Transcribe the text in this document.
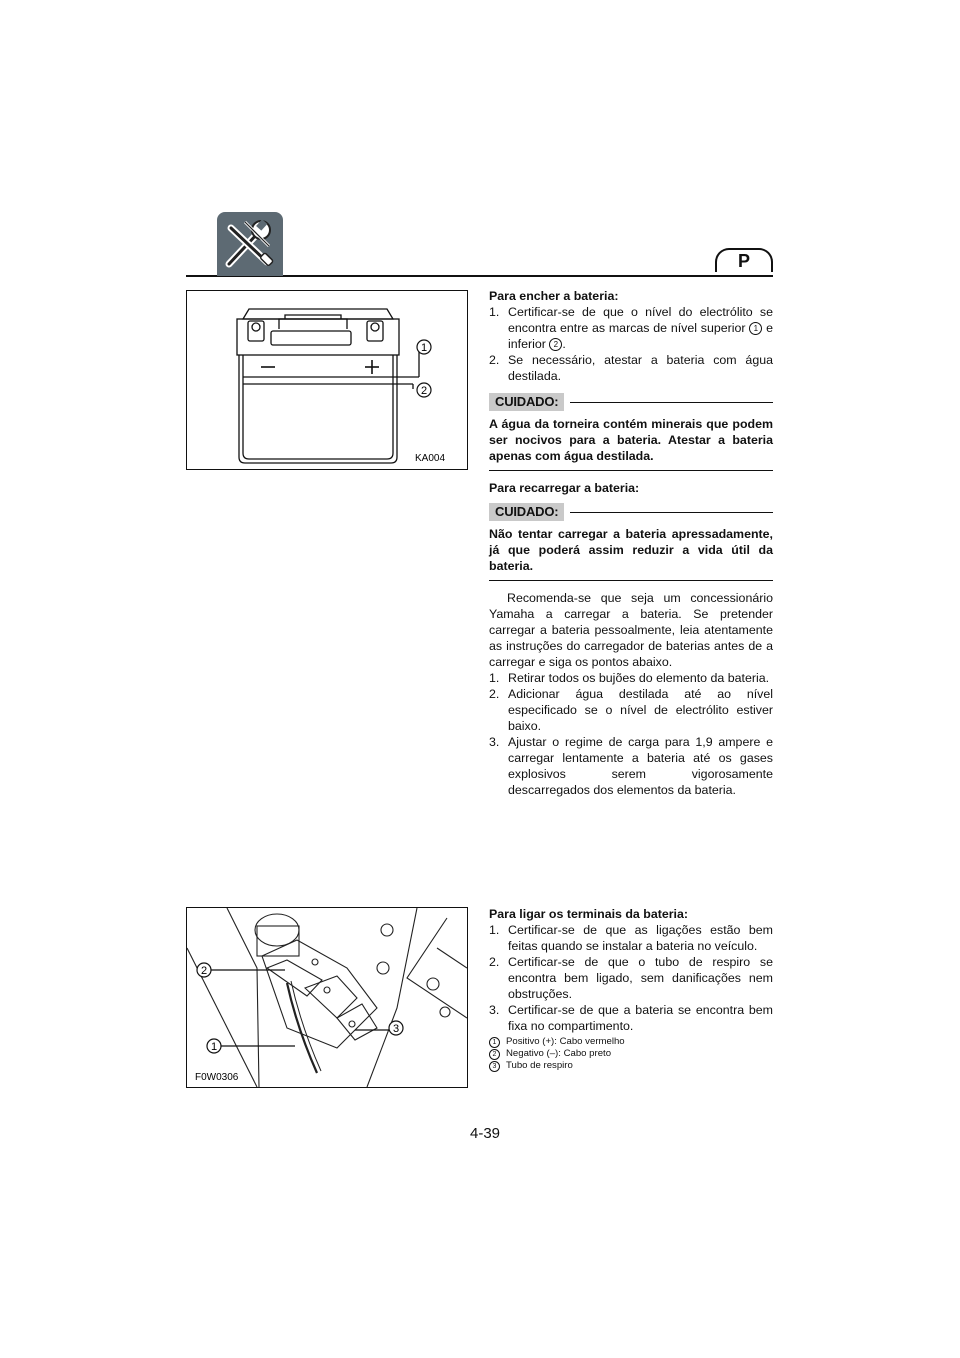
P
1
2
KA004
2
3
1
F0W0306
Para encher a bateria:
1. Certificar-se de que o nível do electrólito se encontra entre as marcas de nível superior 1 e inferior 2 .
2. Se necessário, atestar a bateria com água destilada.
CUIDADO:
A água da torneira contém minerais que podem ser nocivos para a bateria. Atestar a bateria apenas com água destilada.
Para recarregar a bateria:
CUIDADO:
Não tentar carregar a bateria apressadamente, já que poderá assim reduzir a vida útil da bateria.
Recomenda-se que seja um concessionário Yamaha a carregar a bateria. Se pretender carregar a bateria pessoalmente, leia atentamente as instruções do carregador de baterias antes de a carregar e siga os pontos abaixo.
1. Retirar todos os bujões do elemento da bateria.
2. Adicionar água destilada até ao nível especificado se o nível de electrólito estiver baixo.
3. Ajustar o regime de carga para 1,9 ampere e carregar lentamente a bateria até os gases explosivos serem vigorosamente descarregados dos elementos da bateria.
Para ligar os terminais da bateria:
1. Certificar-se de que as ligações estão bem feitas quando se instalar a bateria no veículo.
2. Certificar-se de que o tubo de respiro se encontra bem ligado, sem danificações nem obstruções.
3. Certificar-se de que a bateria se encontra bem fixa no compartimento.
1 Positivo (+): Cabo vermelho
2 Negativo (–): Cabo preto
3 Tubo de respiro
4-39
